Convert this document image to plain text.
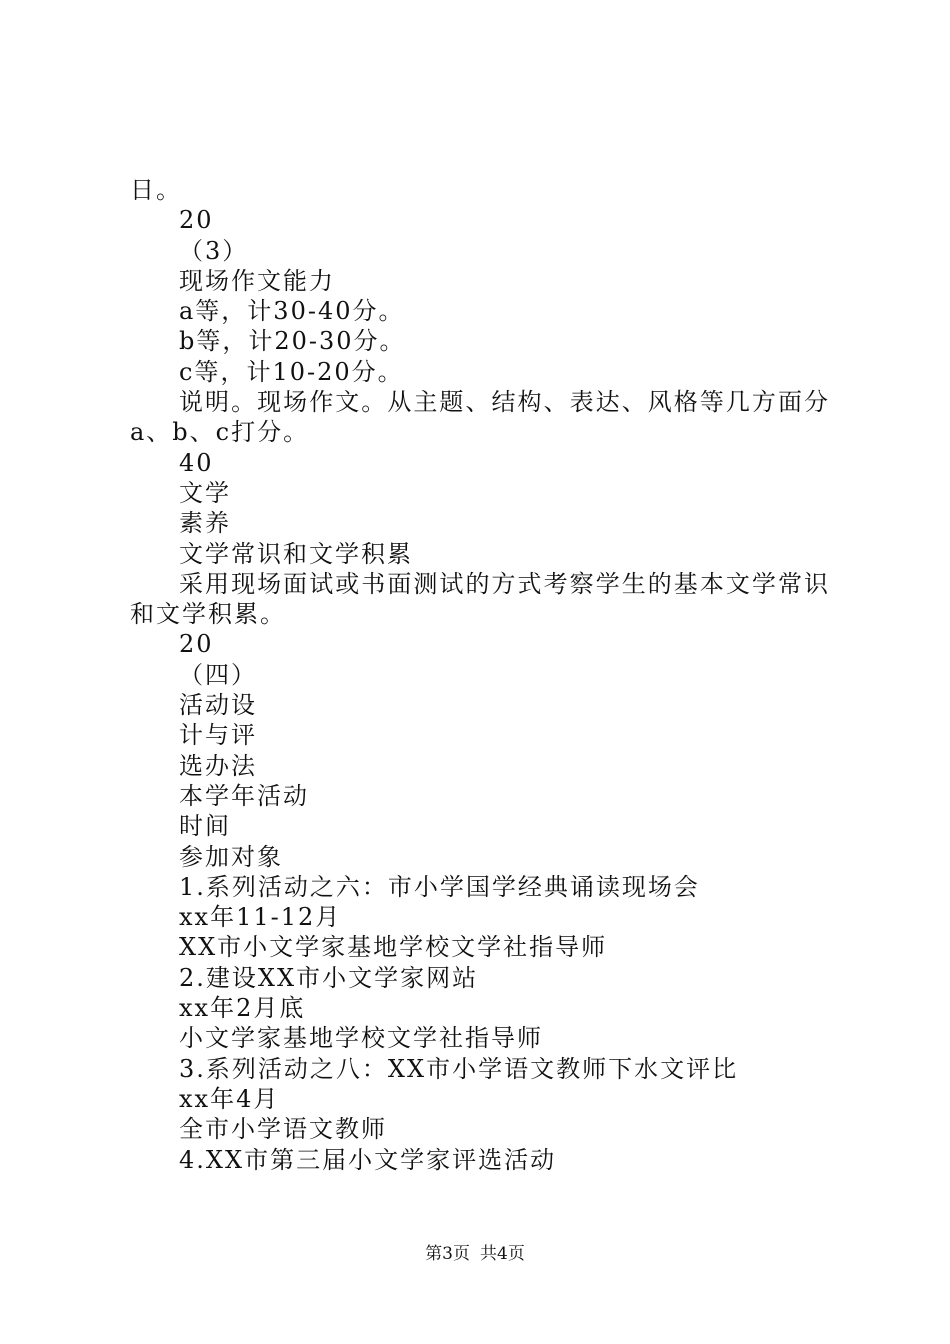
日。

20

（3）

现场作文能力

a等，计30-40分。

b等，计20-30分。

c等，计10-20分。

说明。现场作文。从主题、结构、表达、风格等几方面分a、b、c打分。

40

文学

素养

文学常识和文学积累

采用现场面试或书面测试的方式考察学生的基本文学常识和文学积累。

20

（四）

活动设

计与评

选办法

本学年活动

时间

参加对象

1.系列活动之六：市小学国学经典诵读现场会

xx年11-12月

XX市小文学家基地学校文学社指导师

2.建设XX市小文学家网站

xx年2月底

小文学家基地学校文学社指导师

3.系列活动之八：XX市小学语文教师下水文评比

xx年4月

全市小学语文教师

4.XX市第三届小文学家评选活动

第3页 共4页
